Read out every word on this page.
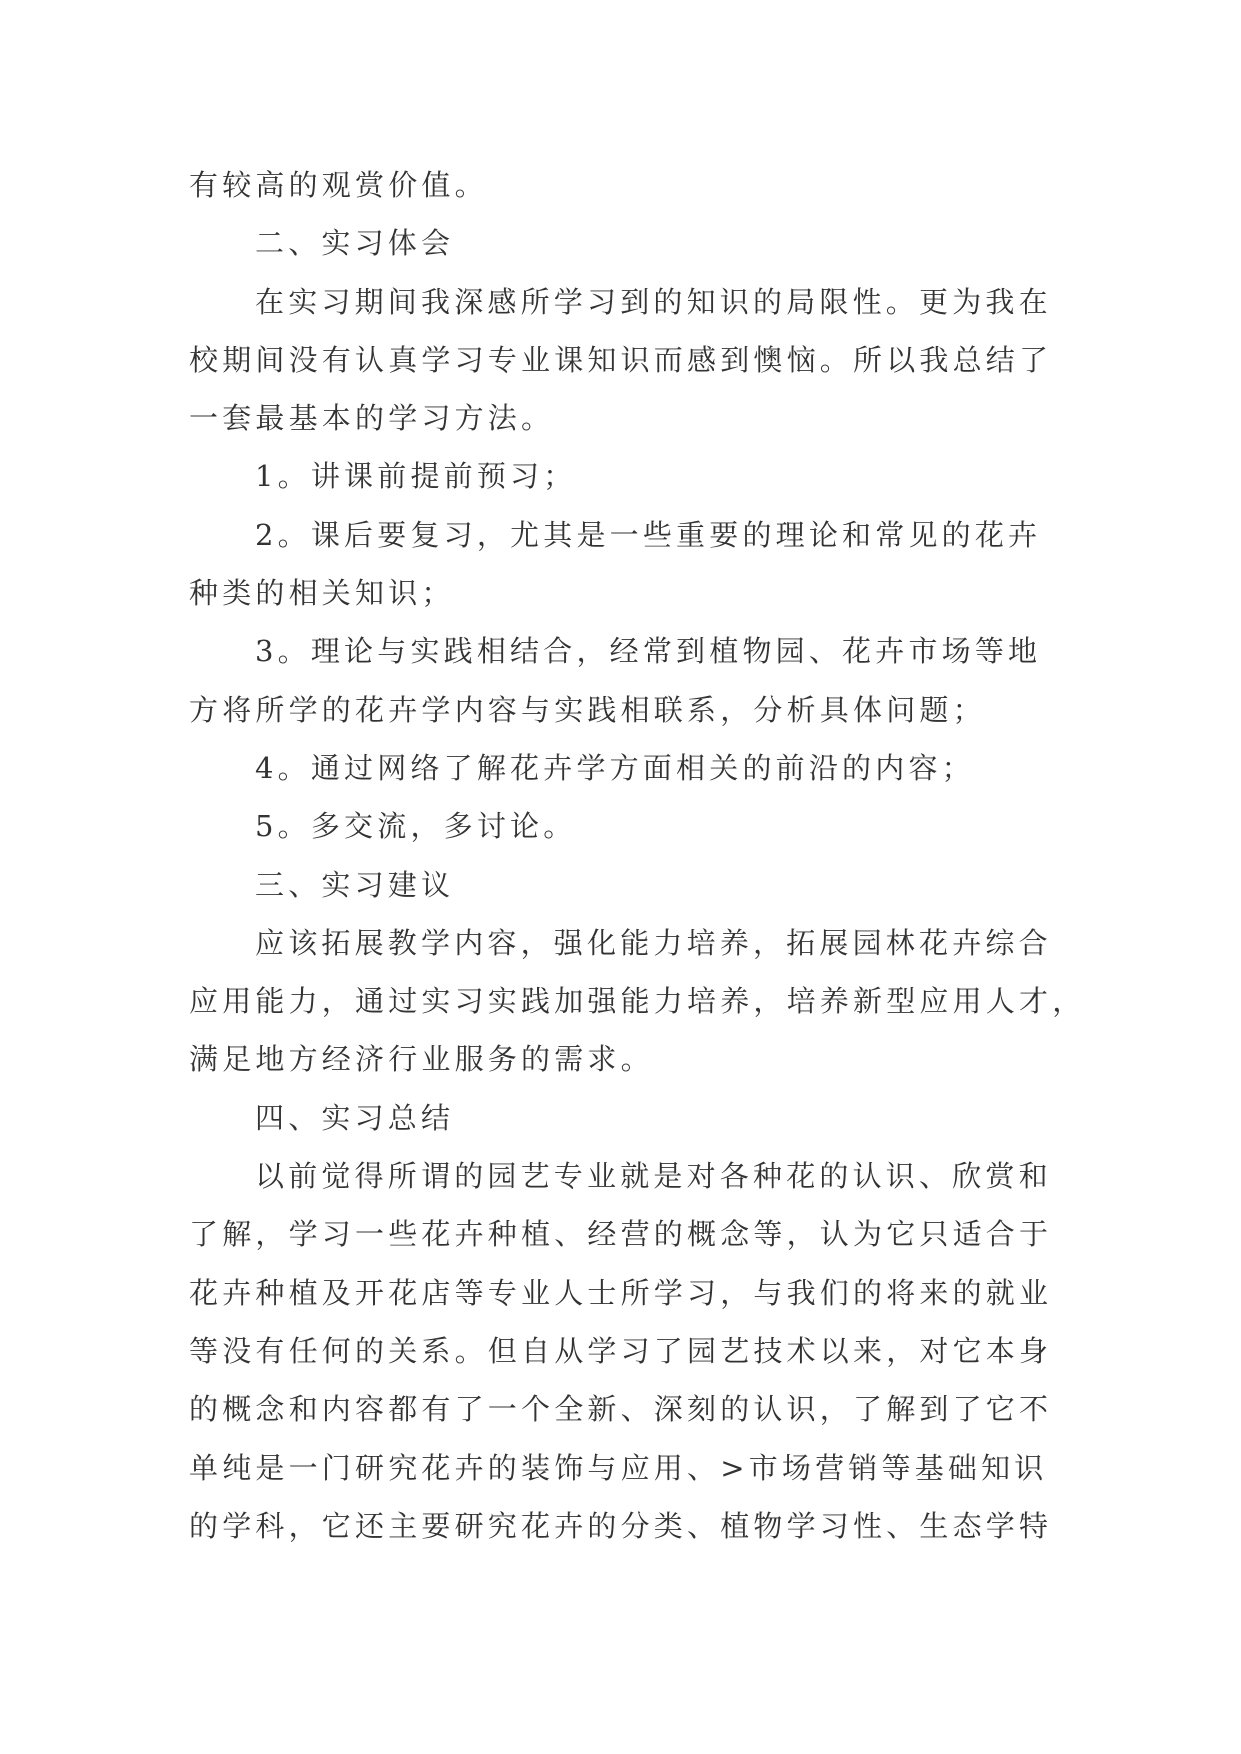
有较高的观赏价值。
二、实习体会
在实习期间我深感所学习到的知识的局限性。更为我在
校期间没有认真学习专业课知识而感到懊恼。所以我总结了
一套最基本的学习方法。
1。讲课前提前预习；
2。课后要复习，尤其是一些重要的理论和常见的花卉
种类的相关知识；
3。理论与实践相结合，经常到植物园、花卉市场等地
方将所学的花卉学内容与实践相联系，分析具体问题；
4。通过网络了解花卉学方面相关的前沿的内容；
5。多交流，多讨论。
三、实习建议
应该拓展教学内容，强化能力培养，拓展园林花卉综合
应用能力，通过实习实践加强能力培养，培养新型应用人才，
满足地方经济行业服务的需求。
四、实习总结
以前觉得所谓的园艺专业就是对各种花的认识、欣赏和
了解，学习一些花卉种植、经营的概念等，认为它只适合于
花卉种植及开花店等专业人士所学习，与我们的将来的就业
等没有任何的关系。但自从学习了园艺技术以来，对它本身
的概念和内容都有了一个全新、深刻的认识，了解到了它不
单纯是一门研究花卉的装饰与应用、>市场营销等基础知识
的学科，它还主要研究花卉的分类、植物学习性、生态学特
